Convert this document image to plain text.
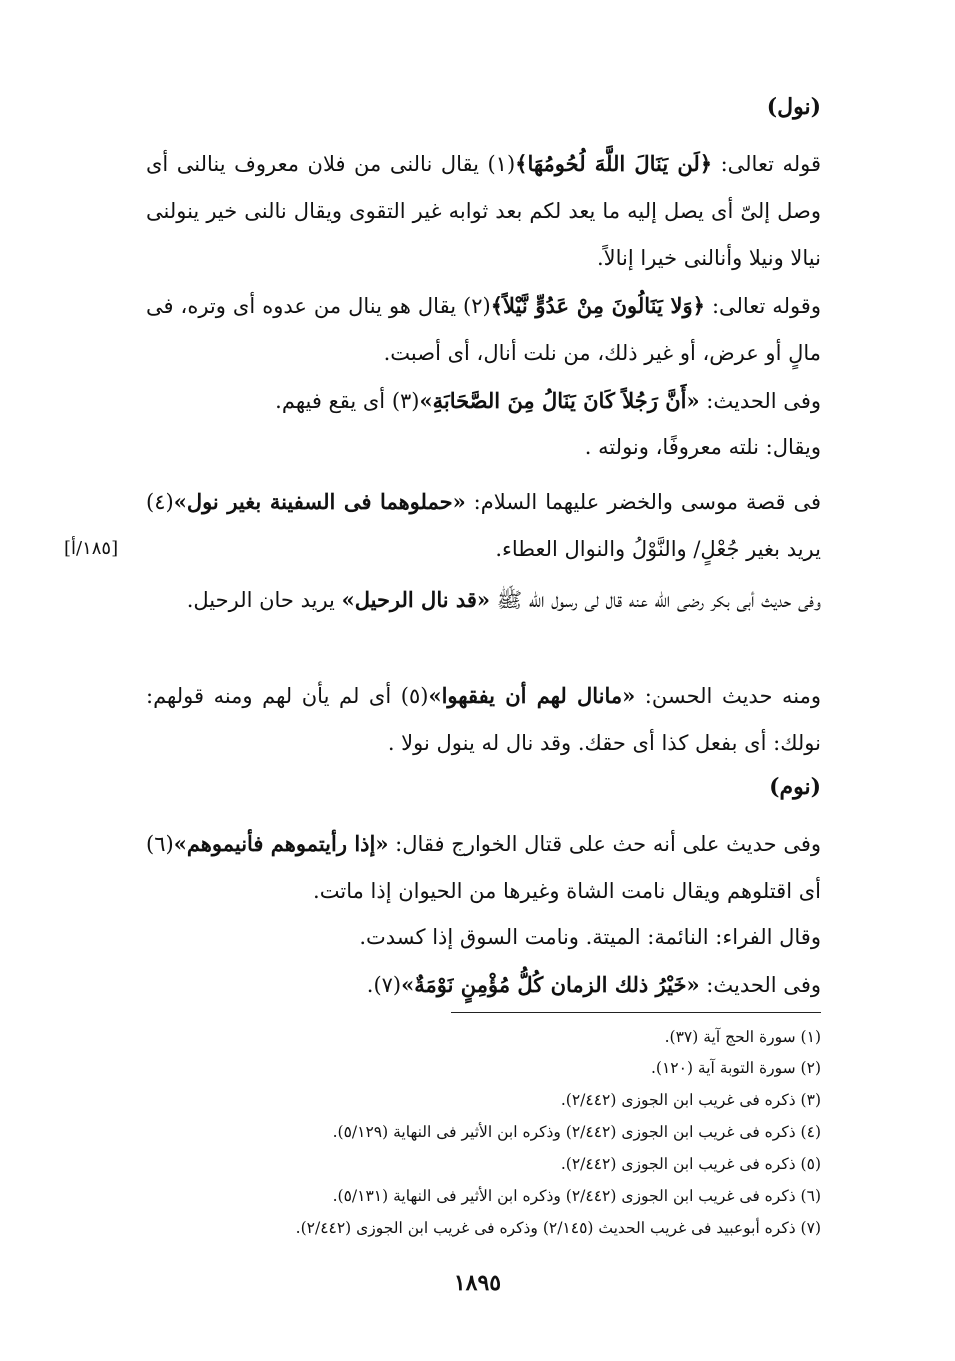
(نول)
قوله تعالى: ﴿لَن يَنَالَ اللَّهَ لُحُومُهَا﴾(١) يقال نالنى من فلان معروف ينالنى أى وصل إلىّ أى يصل إليه ما يعد لكم بعد ثوابه غير التقوى ويقال نالنى خير ينولنى نيالا ونيلا وأنالنى خيرا إنالاً.
وقوله تعالى: ﴿وَلا يَنَالُونَ مِنْ عَدُوٍّ نَّيْلاً﴾(٢) يقال هو ينال من عدوه أى وتره، فى مالٍ أو عرض، أو غير ذلك، من نلت أنال، أى أصبت.
وفى الحديث: «أَنَّ رَجُلاً كَانَ يَنَالُ مِنَ الصَّحَابَةِ»(٣) أى يقع فيهم.
ويقال: نلته معروفًا، ونولته .
فى قصة موسى والخضر عليهما السلام: «حملوهما فى السفينة بغير نول»(٤) يريد بغير جُعْلٍ/ والنَّوْلُ والنوال العطاء.
[١٨٥/أ]
وفى حديث أبى بكر رضى الله عنه قال لى رسول الله ﷺ «قد نال الرحيل» يريد حان الرحيل.
ومنه حديث الحسن: «مانال لهم أن يفقهوا»(٥) أى لم يأن لهم ومنه قولهم: نولك: أى بفعل كذا أى حقك. وقد نال له ينول نولا .
(نوم)
وفى حديث على أنه حث على قتال الخوارج فقال: «إذا رأيتموهم فأنيموهم»(٦) أى اقتلوهم ويقال نامت الشاة وغيرها من الحيوان إذا ماتت.
وقال الفراء: النائمة: الميتة. ونامت السوق إذا كسدت.
وفى الحديث: «خَيْرُ ذلك الزمان كُلُّ مُؤْمِنٍ نَوْمَةٌ»(٧).
(١) سورة الحج آية (٣٧).
(٢) سورة التوبة آية (١٢٠).
(٣) ذكره فى غريب ابن الجوزى (٢/٤٤٢).
(٤) ذكره فى غريب ابن الجوزى (٢/٤٤٢) وذكره ابن الأثير فى النهاية (٥/١٢٩).
(٥) ذكره فى غريب ابن الجوزى (٢/٤٤٢).
(٦) ذكره فى غريب ابن الجوزى (٢/٤٤٢) وذكره ابن الأثير فى النهاية (٥/١٣١).
(٧) ذكره أبوعبيد فى غريب الحديث (٢/١٤٥) وذكره فى غريب ابن الجوزى (٢/٤٤٢).
١٨٩٥
